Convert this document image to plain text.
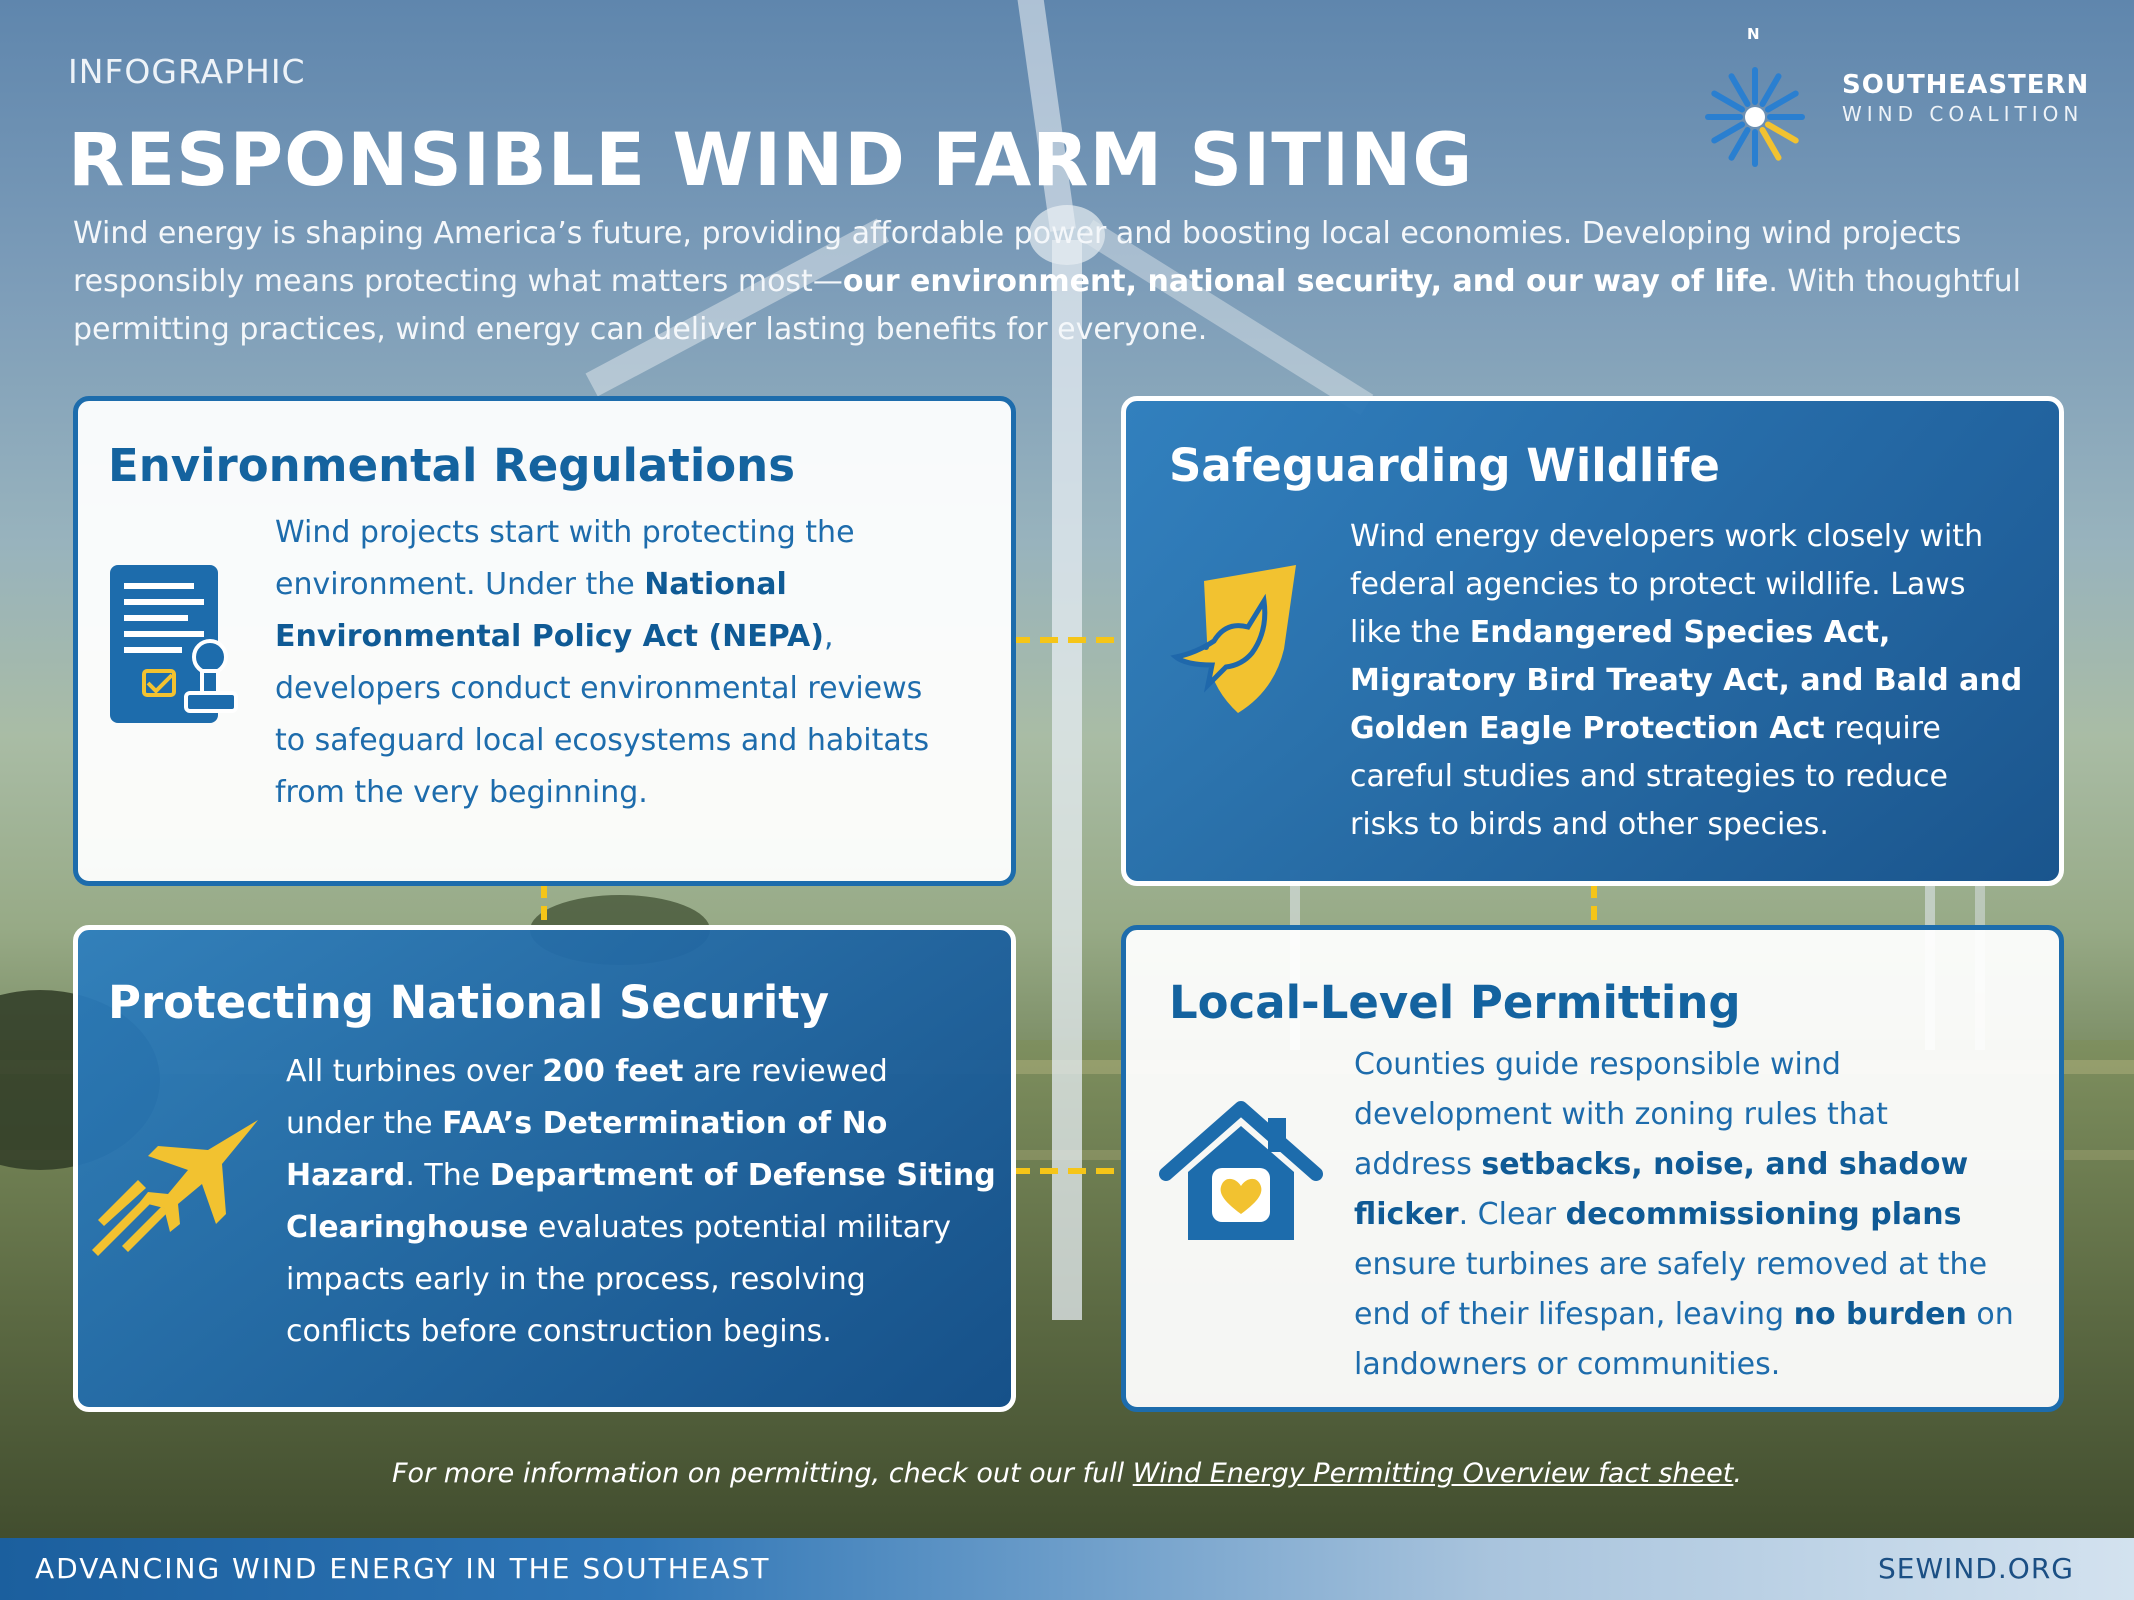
INFOGRAPHIC
RESPONSIBLE WIND FARM SITING
Wind energy is shaping America’s future, providing affordable power and boosting local economies. Developing wind projects responsibly means protecting what matters most—our environment, national security, and our way of life. With thoughtful permitting practices, wind energy can deliver lasting benefits for everyone.
N
SOUTHEASTERN
WIND COALITION
Environmental Regulations
Wind projects start with protecting the
environment. Under the National
Environmental Policy Act (NEPA),
developers conduct environmental reviews
to safeguard local ecosystems and habitats
from the very beginning.
Safeguarding Wildlife
Wind energy developers work closely with
federal agencies to protect wildlife. Laws
like the Endangered Species Act,
Migratory Bird Treaty Act, and Bald and
Golden Eagle Protection Act require
careful studies and strategies to reduce
risks to birds and other species.
Protecting National Security
All turbines over 200 feet are reviewed
under the FAA’s Determination of No
Hazard. The Department of Defense Siting
Clearinghouse evaluates potential military
impacts early in the process, resolving
conflicts before construction begins.
Local-Level Permitting
Counties guide responsible wind
development with zoning rules that
address setbacks, noise, and shadow
flicker. Clear decommissioning plans
ensure turbines are safely removed at the
end of their lifespan, leaving no burden on
landowners or communities.
For more information on permitting, check out our full Wind Energy Permitting Overview fact sheet.
ADVANCING WIND ENERGY IN THE SOUTHEAST	SEWIND.ORG
